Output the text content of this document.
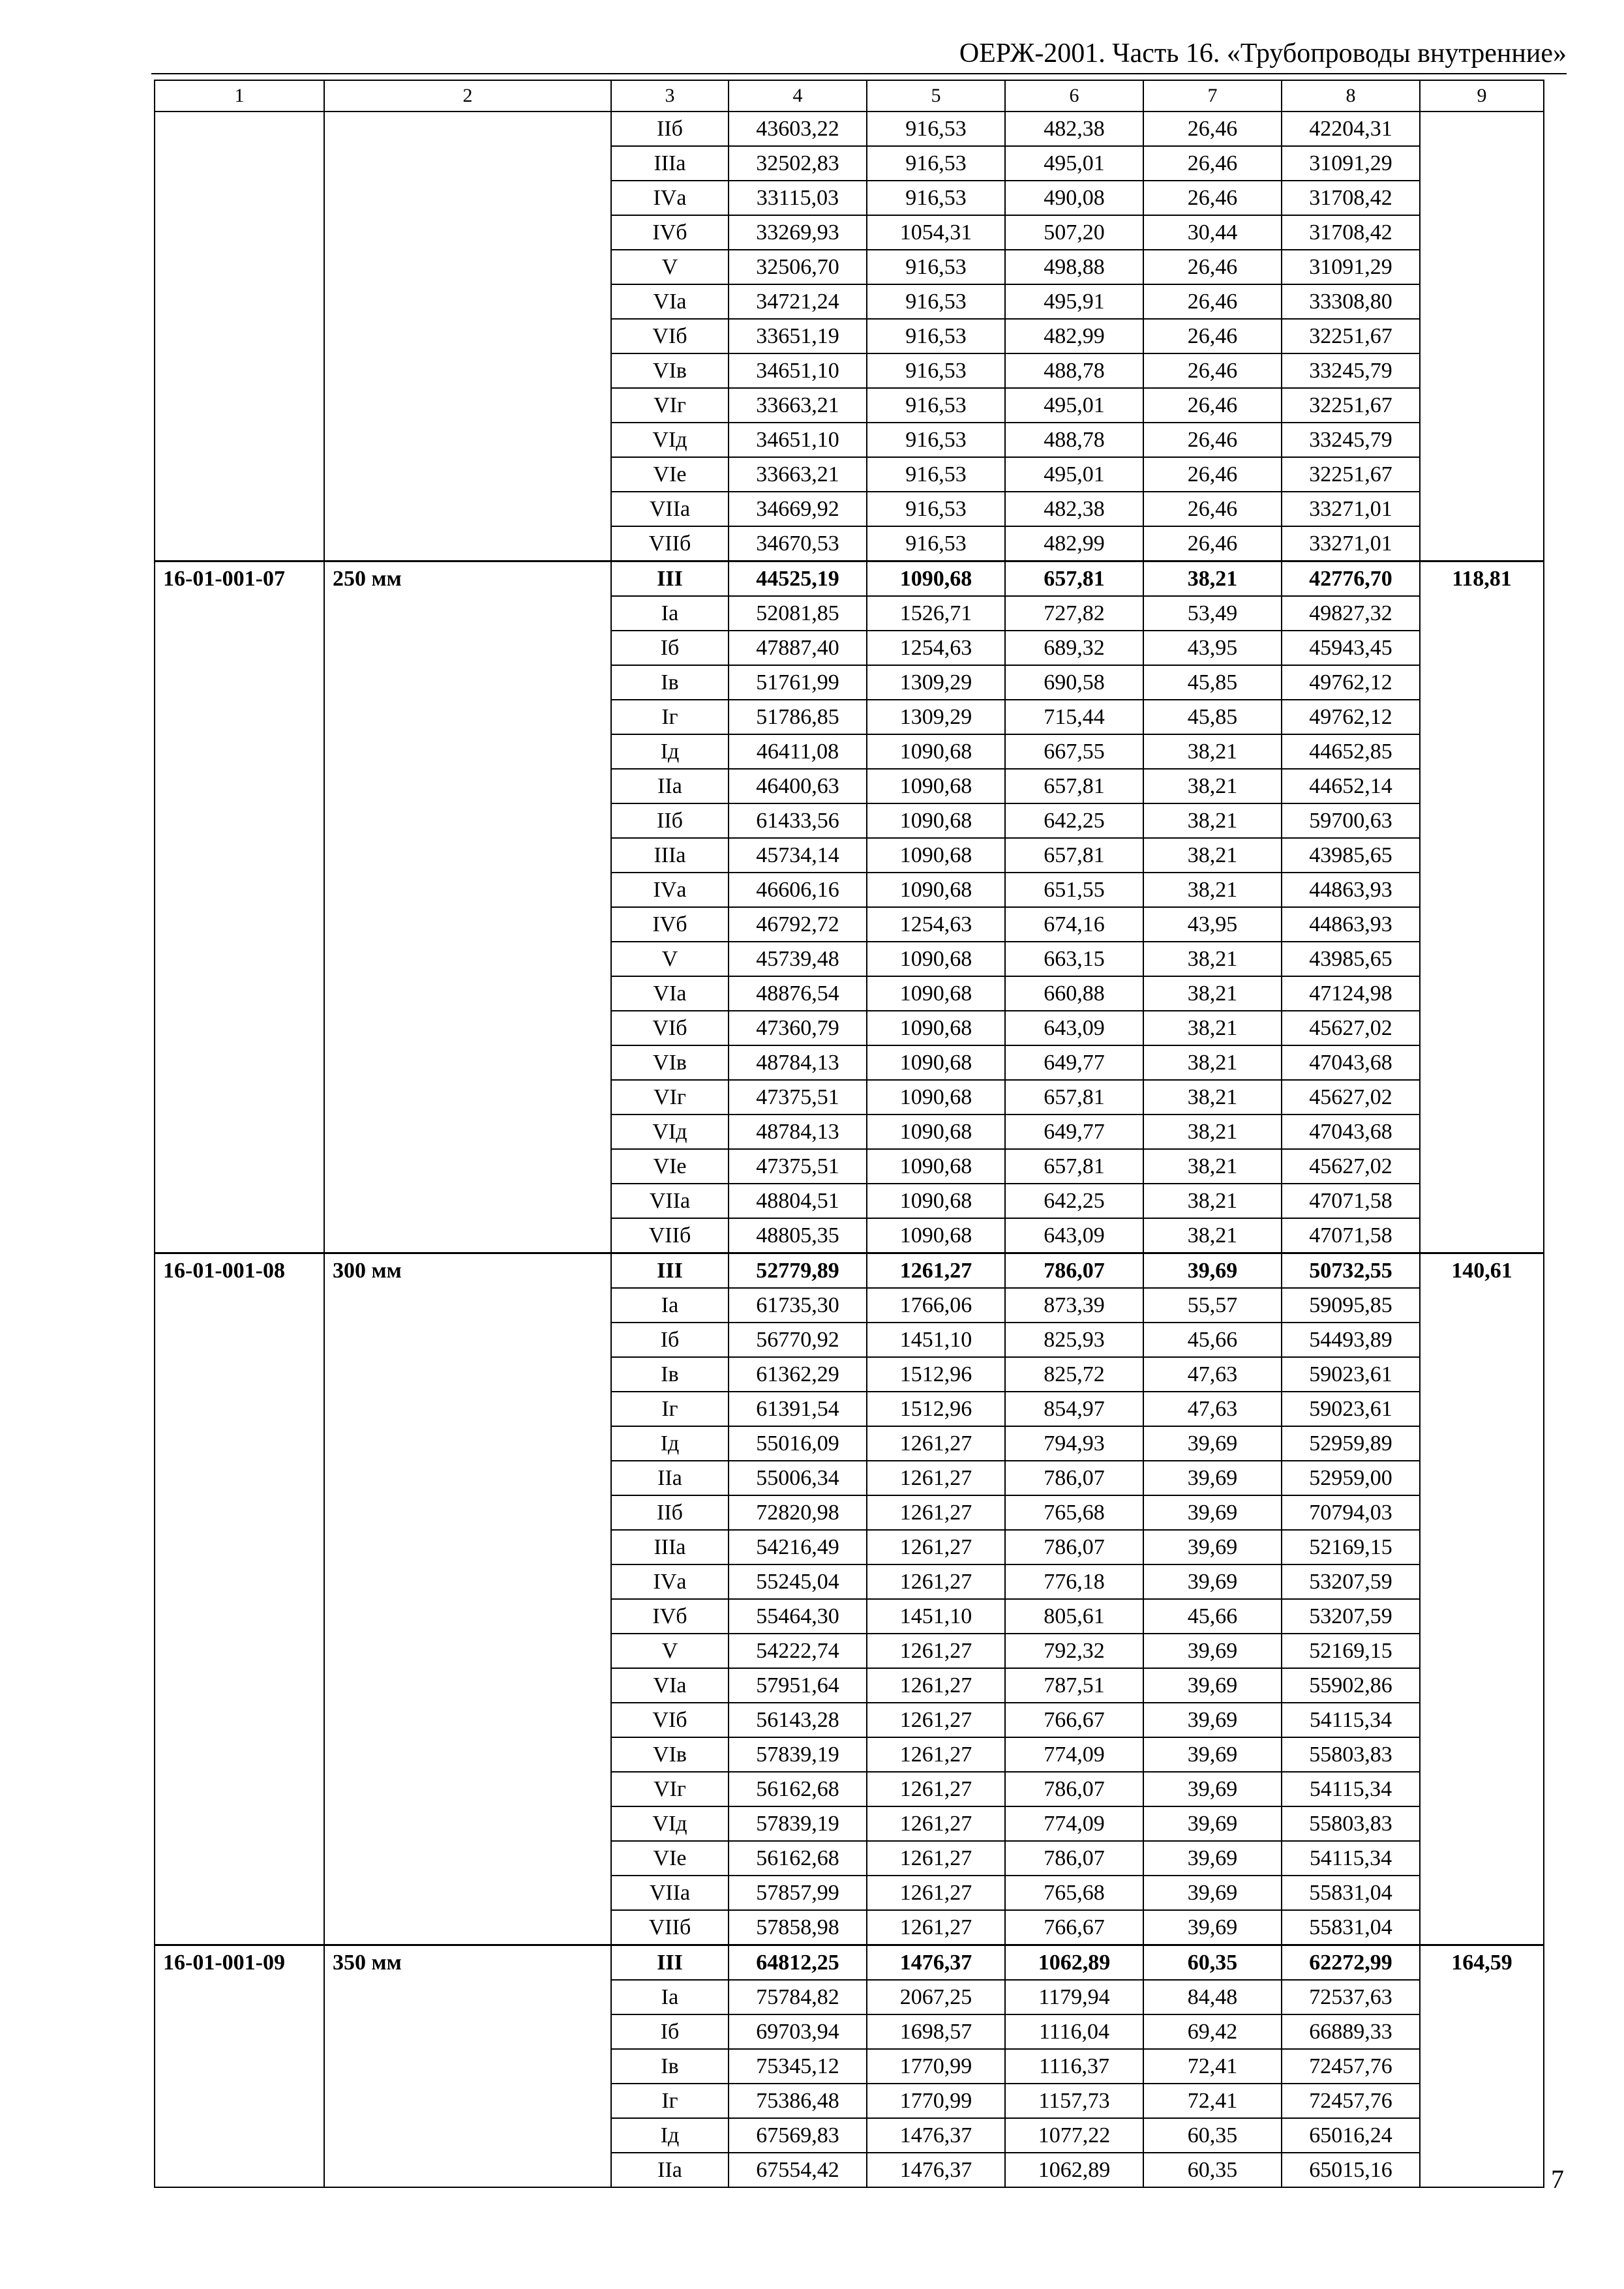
ОЕРЖ-2001. Часть 16. «Трубопроводы внутренние»
1	2	3	4	5	6	7	8	9
		IIб	43603,22	916,53	482,38	26,46	42204,31	
		IIIа	32502,83	916,53	495,01	26,46	31091,29	
		IVа	33115,03	916,53	490,08	26,46	31708,42	
		IVб	33269,93	1054,31	507,20	30,44	31708,42	
		V	32506,70	916,53	498,88	26,46	31091,29	
		VIа	34721,24	916,53	495,91	26,46	33308,80	
		VIб	33651,19	916,53	482,99	26,46	32251,67	
		VIв	34651,10	916,53	488,78	26,46	33245,79	
		VIг	33663,21	916,53	495,01	26,46	32251,67	
		VIд	34651,10	916,53	488,78	26,46	33245,79	
		VIе	33663,21	916,53	495,01	26,46	32251,67	
		VIIа	34669,92	916,53	482,38	26,46	33271,01	
		VIIб	34670,53	916,53	482,99	26,46	33271,01	
16-01-001-07	250 мм	III	44525,19	1090,68	657,81	38,21	42776,70	118,81
		Iа	52081,85	1526,71	727,82	53,49	49827,32	
		Iб	47887,40	1254,63	689,32	43,95	45943,45	
		Iв	51761,99	1309,29	690,58	45,85	49762,12	
		Iг	51786,85	1309,29	715,44	45,85	49762,12	
		Iд	46411,08	1090,68	667,55	38,21	44652,85	
		IIа	46400,63	1090,68	657,81	38,21	44652,14	
		IIб	61433,56	1090,68	642,25	38,21	59700,63	
		IIIа	45734,14	1090,68	657,81	38,21	43985,65	
		IVа	46606,16	1090,68	651,55	38,21	44863,93	
		IVб	46792,72	1254,63	674,16	43,95	44863,93	
		V	45739,48	1090,68	663,15	38,21	43985,65	
		VIа	48876,54	1090,68	660,88	38,21	47124,98	
		VIб	47360,79	1090,68	643,09	38,21	45627,02	
		VIв	48784,13	1090,68	649,77	38,21	47043,68	
		VIг	47375,51	1090,68	657,81	38,21	45627,02	
		VIд	48784,13	1090,68	649,77	38,21	47043,68	
		VIе	47375,51	1090,68	657,81	38,21	45627,02	
		VIIа	48804,51	1090,68	642,25	38,21	47071,58	
		VIIб	48805,35	1090,68	643,09	38,21	47071,58	
16-01-001-08	300 мм	III	52779,89	1261,27	786,07	39,69	50732,55	140,61
		Iа	61735,30	1766,06	873,39	55,57	59095,85	
		Iб	56770,92	1451,10	825,93	45,66	54493,89	
		Iв	61362,29	1512,96	825,72	47,63	59023,61	
		Iг	61391,54	1512,96	854,97	47,63	59023,61	
		Iд	55016,09	1261,27	794,93	39,69	52959,89	
		IIа	55006,34	1261,27	786,07	39,69	52959,00	
		IIб	72820,98	1261,27	765,68	39,69	70794,03	
		IIIа	54216,49	1261,27	786,07	39,69	52169,15	
		IVа	55245,04	1261,27	776,18	39,69	53207,59	
		IVб	55464,30	1451,10	805,61	45,66	53207,59	
		V	54222,74	1261,27	792,32	39,69	52169,15	
		VIа	57951,64	1261,27	787,51	39,69	55902,86	
		VIб	56143,28	1261,27	766,67	39,69	54115,34	
		VIв	57839,19	1261,27	774,09	39,69	55803,83	
		VIг	56162,68	1261,27	786,07	39,69	54115,34	
		VIд	57839,19	1261,27	774,09	39,69	55803,83	
		VIе	56162,68	1261,27	786,07	39,69	54115,34	
		VIIа	57857,99	1261,27	765,68	39,69	55831,04	
		VIIб	57858,98	1261,27	766,67	39,69	55831,04	
16-01-001-09	350 мм	III	64812,25	1476,37	1062,89	60,35	62272,99	164,59
		Iа	75784,82	2067,25	1179,94	84,48	72537,63	
		Iб	69703,94	1698,57	1116,04	69,42	66889,33	
		Iв	75345,12	1770,99	1116,37	72,41	72457,76	
		Iг	75386,48	1770,99	1157,73	72,41	72457,76	
		Iд	67569,83	1476,37	1077,22	60,35	65016,24	
		IIа	67554,42	1476,37	1062,89	60,35	65015,16		7
